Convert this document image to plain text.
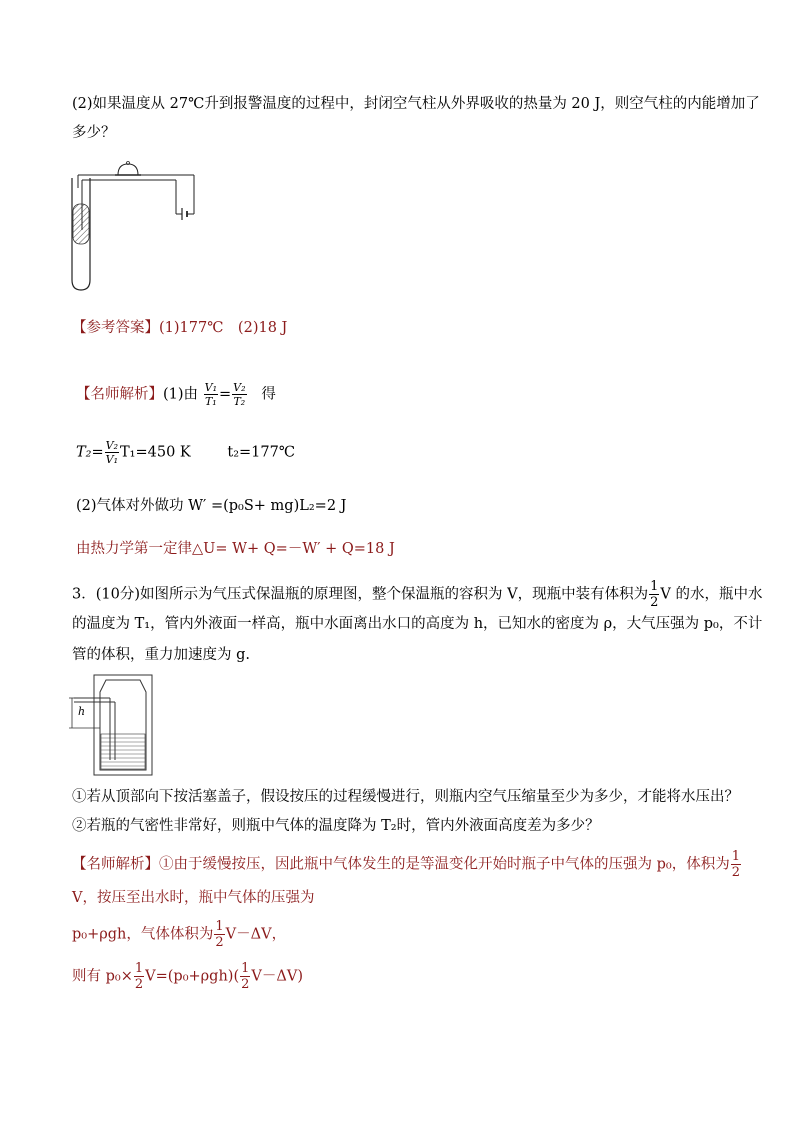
(2)如果温度从 27℃升到报警温度的过程中，封闭空气柱从外界吸收的热量为 20 J，则空气柱的内能增加了
多少？
【参考答案】(1)177℃　(2)18 J
【名师解析】(1)由 $\frac{\text{V₁}}{\text{T₁}} = \frac{\text{V₂}}{\text{T₂}}$ 得
$T_2= \frac{\text{V₂}}{\text{V₁}} T_1=450$ K	t₂=177℃
(2)气体对外做功 W′ =(p₀S+ mg)L₂=2 J
由热力学第一定律△U= W+ Q=－W′ + Q=18 J
3．(10分)如图所示为气压式保温瓶的原理图，整个保温瓶的容积为 V，现瓶中装有体积为 $\frac{1}{2}$ V 的水，瓶中水
的温度为 T₁，管内外液面一样高，瓶中水面离出水口的高度为 h，已知水的密度为 ρ，大气压强为 p₀，不计
管的体积，重力加速度为 g.
h
①若从顶部向下按活塞盖子，假设按压的过程缓慢进行，则瓶内空气压缩量至少为多少，才能将水压出？
②若瓶的气密性非常好，则瓶中气体的温度降为 T₂时，管内外液面高度差为多少？
【名师解析】①由于缓慢按压，因此瓶中气体发生的是等温变化开始时瓶子中气体的压强为 p₀，体积为 $\frac{1}{2}$
V，按压至出水时，瓶中气体的压强为
p₀+ρgh，气体体积为 $\frac{1}{2} V-\Delta V$，
则有 $p_0\times \frac{1}{2} V=(p_0+\rho gh)( \frac{1}{2} V-\Delta V)$
